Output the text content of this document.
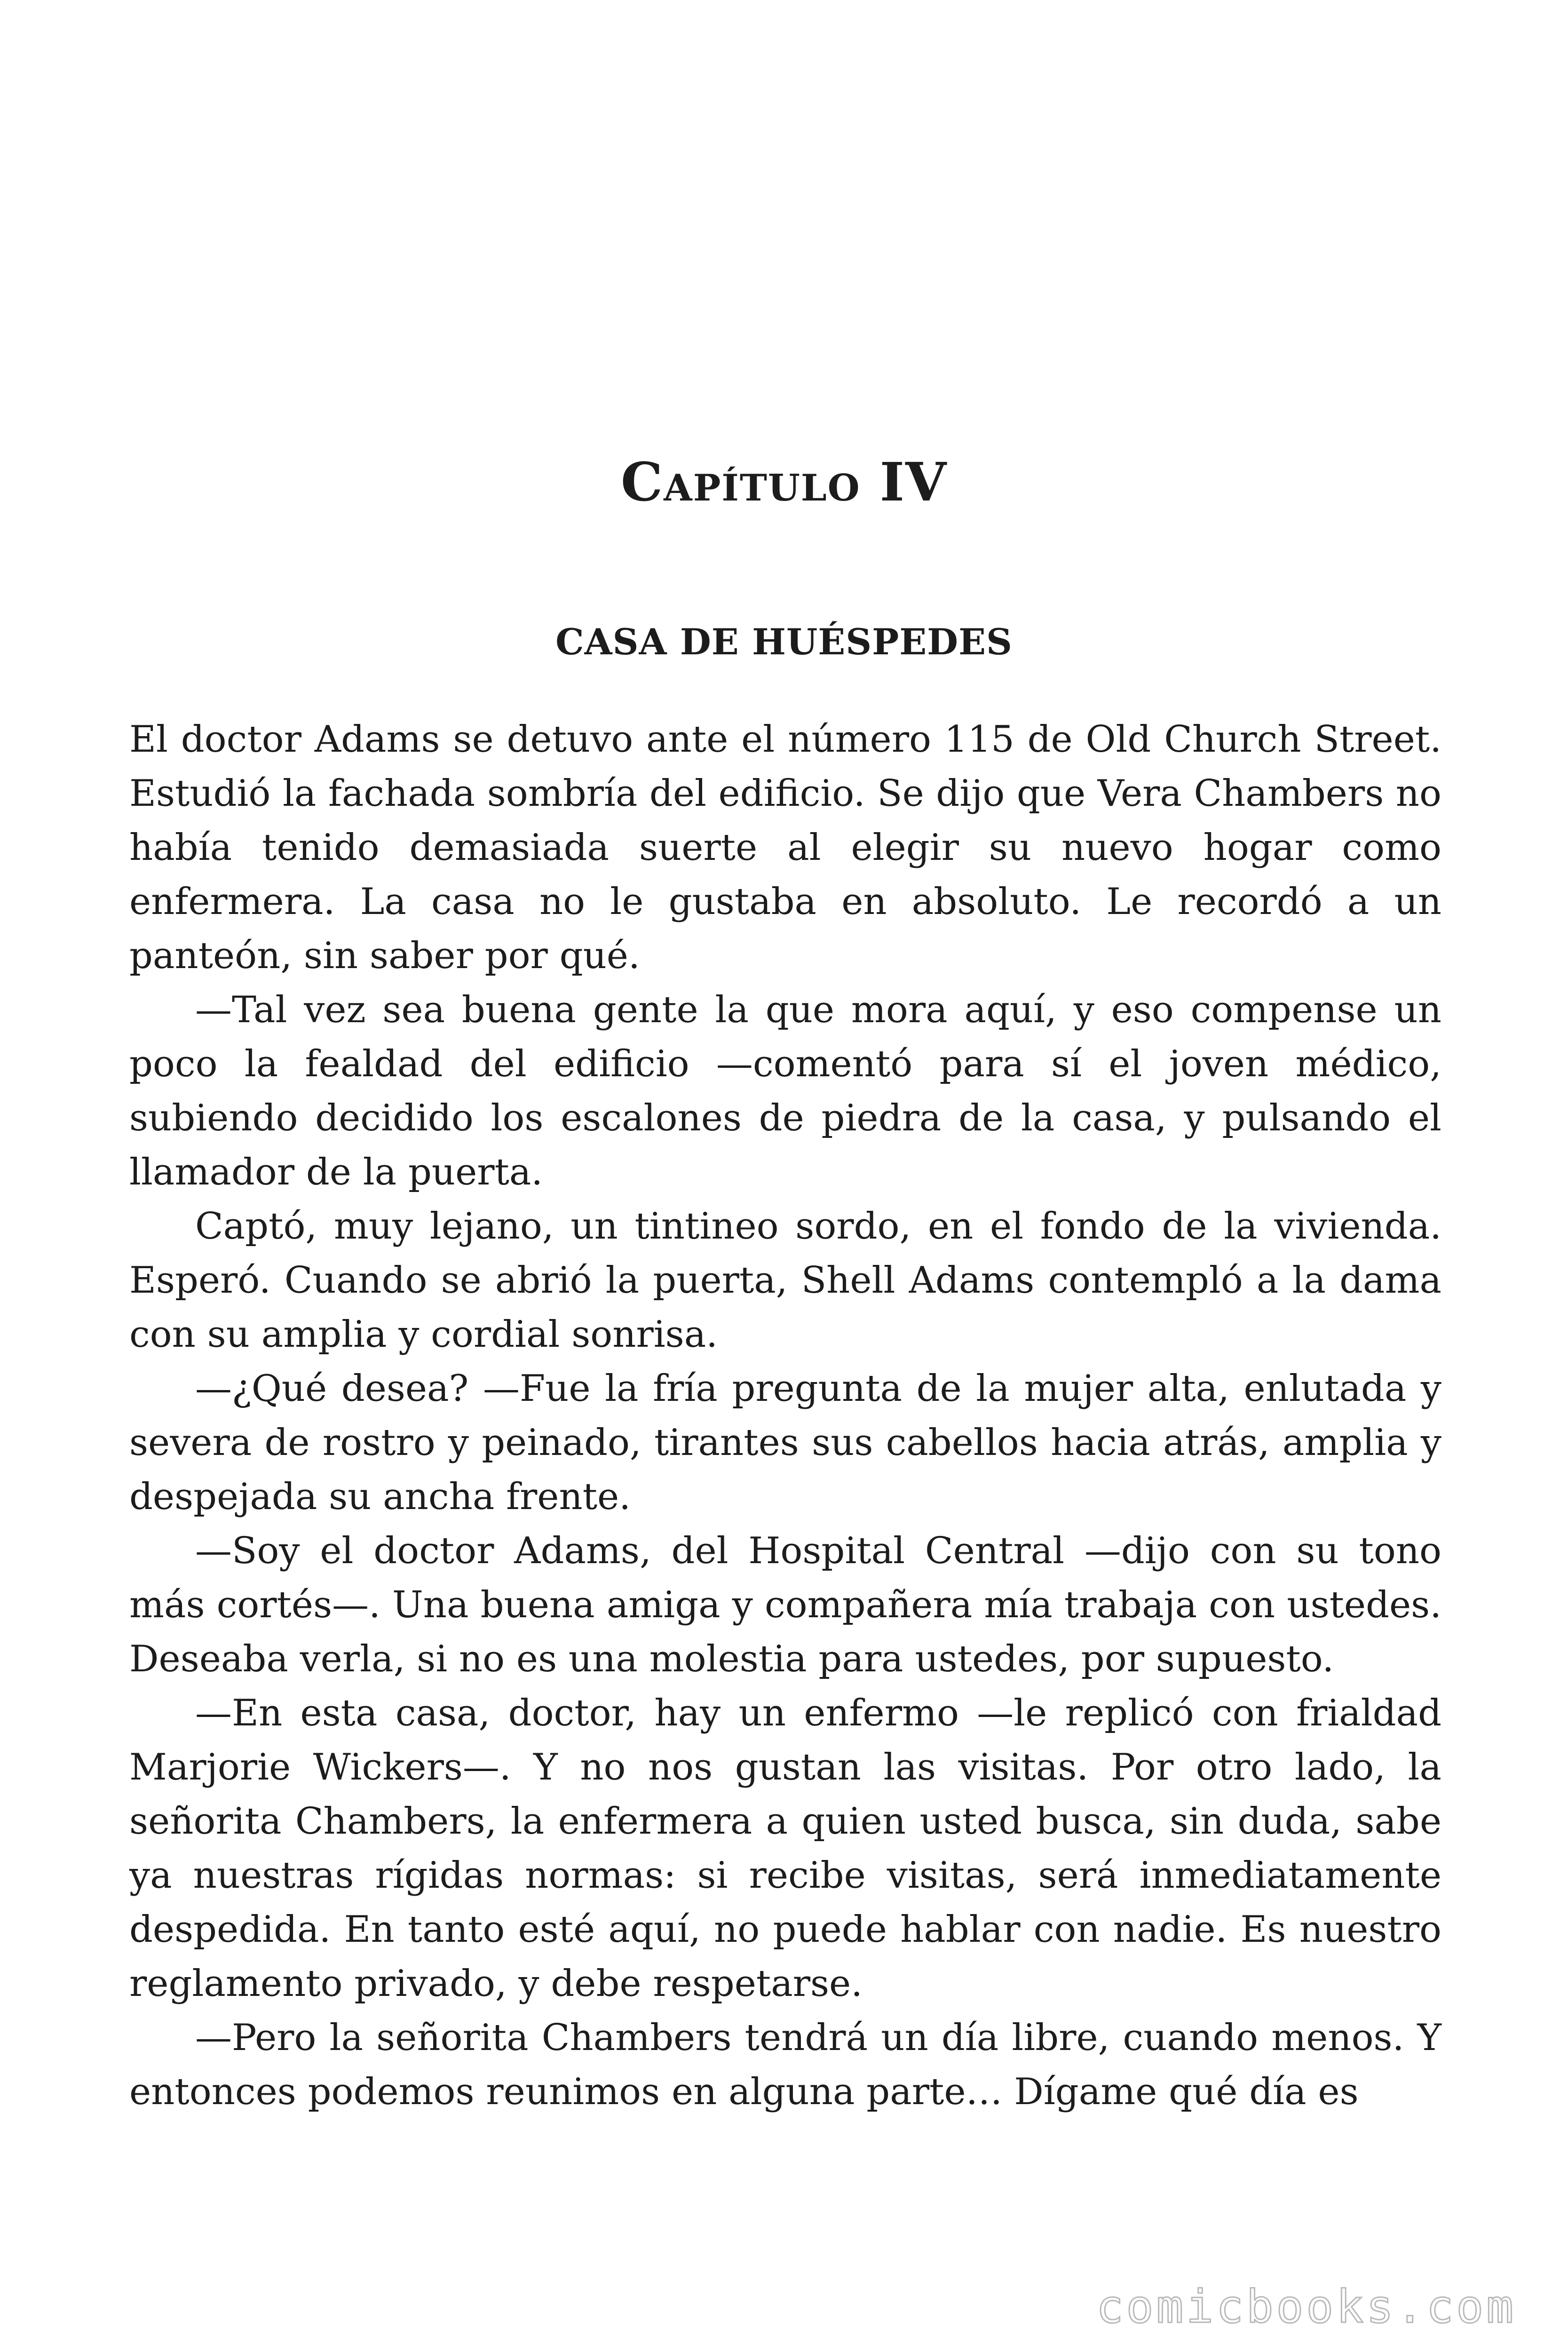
Capítulo IV
CASA DE HUÉSPEDES

El doctor Adams se detuvo ante el número 115 de Old Church Street. Estudió la fachada sombría del edificio. Se dijo que Vera Chambers no había tenido demasiada suerte al elegir su nuevo hogar como enfermera. La casa no le gustaba en absoluto. Le recordó a un panteón, sin saber por qué.

—Tal vez sea buena gente la que mora aquí, y eso compense un poco la fealdad del edificio —comentó para sí el joven médico, subiendo decidido los escalones de piedra de la casa, y pulsando el llamador de la puerta.

Captó, muy lejano, un tintineo sordo, en el fondo de la vivienda. Esperó. Cuando se abrió la puerta, Shell Adams contempló a la dama con su amplia y cordial sonrisa.

—¿Qué desea? —Fue la fría pregunta de la mujer alta, enlutada y severa de rostro y peinado, tirantes sus cabellos hacia atrás, amplia y despejada su ancha frente.

—Soy el doctor Adams, del Hospital Central —dijo con su tono más cortés—. Una buena amiga y compañera mía trabaja con ustedes. Deseaba verla, si no es una molestia para ustedes, por supuesto.

—En esta casa, doctor, hay un enfermo —le replicó con frialdad Marjorie Wickers—. Y no nos gustan las visitas. Por otro lado, la señorita Chambers, la enfermera a quien usted busca, sin duda, sabe ya nuestras rígidas normas: si recibe visitas, será inmediatamente despedida. En tanto esté aquí, no puede hablar con nadie. Es nuestro reglamento privado, y debe respetarse.

—Pero la señorita Chambers tendrá un día libre, cuando menos. Y entonces podemos reunimos en alguna parte… Dígame qué día es

comicbooks.com
